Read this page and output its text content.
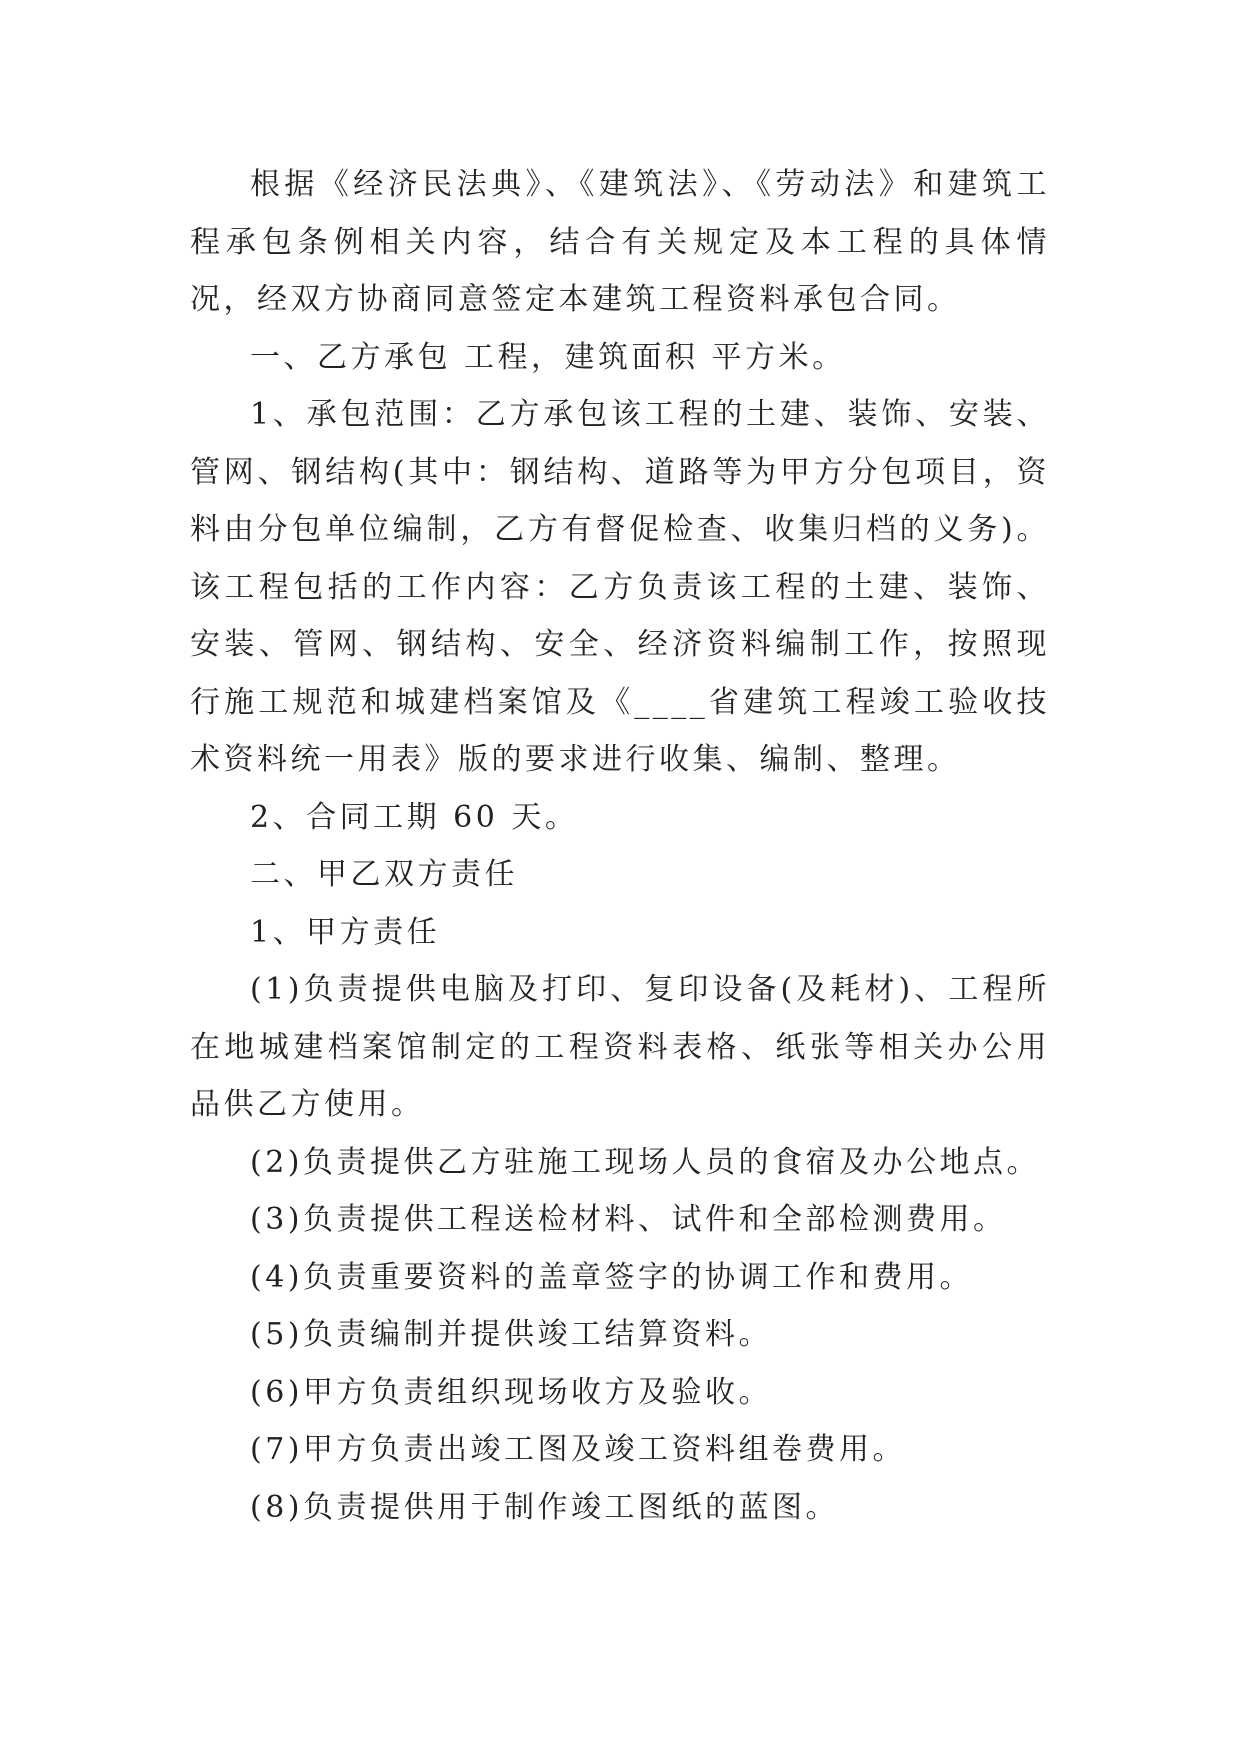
根据《经济民法典》、《建筑法》、《劳动法》和建筑工程承包条例相关内容，结合有关规定及本工程的具体情况，经双方协商同意签定本建筑工程资料承包合同。

一、乙方承包 工程，建筑面积 平方米。

1、承包范围：乙方承包该工程的土建、装饰、安装、管网、钢结构(其中：钢结构、道路等为甲方分包项目，资料由分包单位编制，乙方有督促检查、收集归档的义务)。该工程包括的工作内容：乙方负责该工程的土建、装饰、安装、管网、钢结构、安全、经济资料编制工作，按照现行施工规范和城建档案馆及《____省建筑工程竣工验收技术资料统一用表》版的要求进行收集、编制、整理。

2、合同工期 60 天。

二、甲乙双方责任

1、甲方责任

(1)负责提供电脑及打印、复印设备(及耗材)、工程所在地城建档案馆制定的工程资料表格、纸张等相关办公用品供乙方使用。

(2)负责提供乙方驻施工现场人员的食宿及办公地点。

(3)负责提供工程送检材料、试件和全部检测费用。

(4)负责重要资料的盖章签字的协调工作和费用。

(5)负责编制并提供竣工结算资料。

(6)甲方负责组织现场收方及验收。

(7)甲方负责出竣工图及竣工资料组卷费用。

(8)负责提供用于制作竣工图纸的蓝图。
